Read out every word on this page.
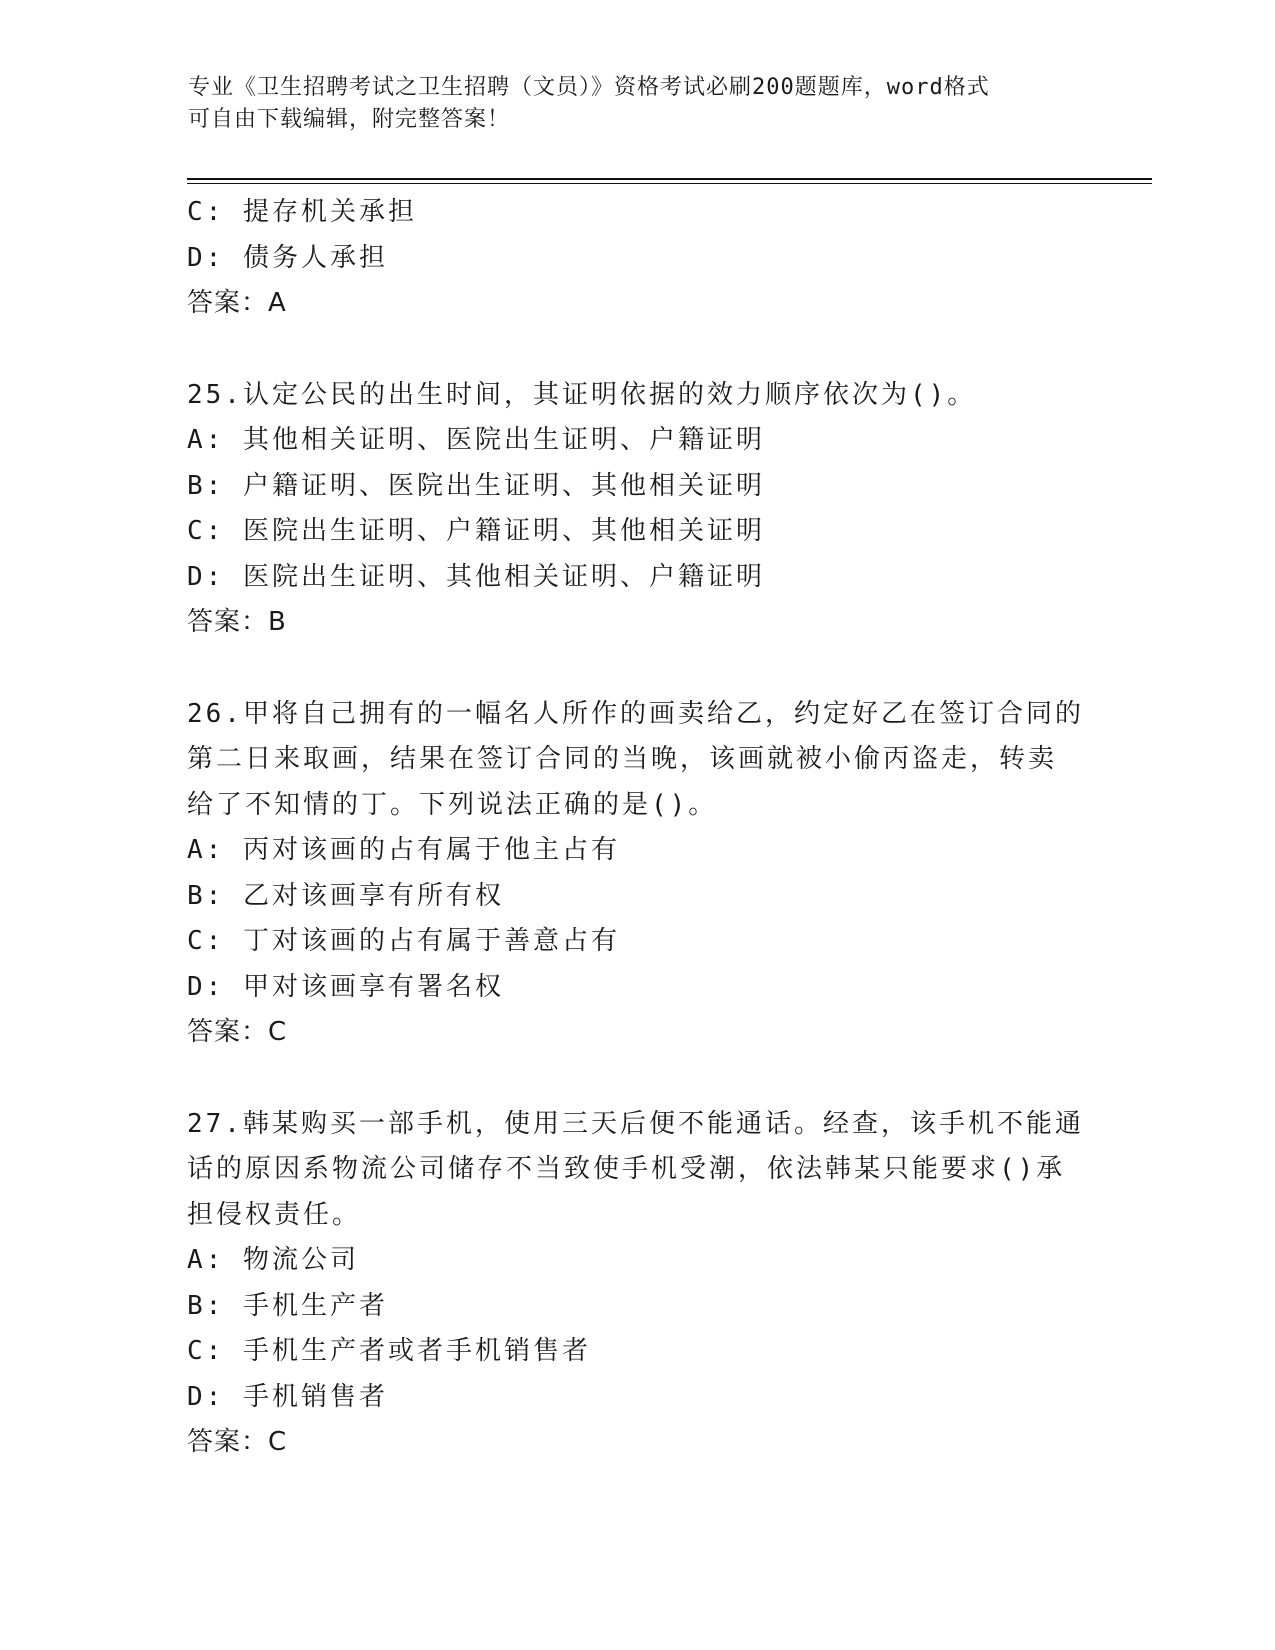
专业《卫生招聘考试之卫生招聘（文员）》资格考试必刷200题题库，word格式
可自由下载编辑，附完整答案！
C: 提存机关承担
D: 债务人承担
答案：A
25.认定公民的出生时间，其证明依据的效力顺序依次为()。
A: 其他相关证明、医院出生证明、户籍证明
B: 户籍证明、医院出生证明、其他相关证明
C: 医院出生证明、户籍证明、其他相关证明
D: 医院出生证明、其他相关证明、户籍证明
答案：B
26.甲将自己拥有的一幅名人所作的画卖给乙，约定好乙在签订合同的
第二日来取画，结果在签订合同的当晚，该画就被小偷丙盗走，转卖
给了不知情的丁。下列说法正确的是()。
A: 丙对该画的占有属于他主占有
B: 乙对该画享有所有权
C: 丁对该画的占有属于善意占有
D: 甲对该画享有署名权
答案：C
27.韩某购买一部手机，使用三天后便不能通话。经查，该手机不能通
话的原因系物流公司储存不当致使手机受潮，依法韩某只能要求()承
担侵权责任。
A: 物流公司
B: 手机生产者
C: 手机生产者或者手机销售者
D: 手机销售者
答案：C
